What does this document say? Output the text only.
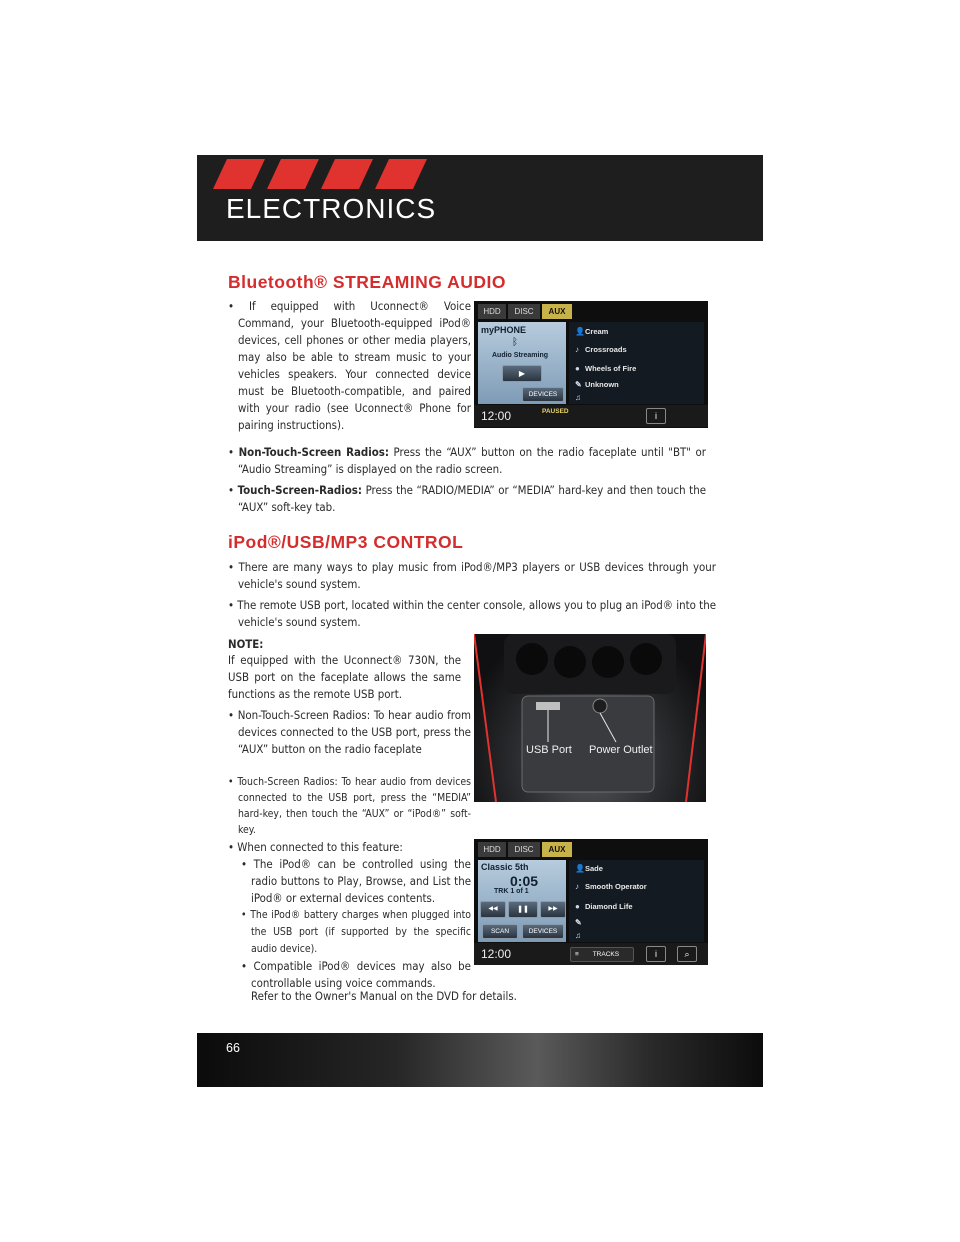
ELECTRONICS
Bluetooth® STREAMING AUDIO
• If equipped with Uconnect® Voice Command, your Bluetooth-equipped iPod® devices, cell phones or other media players, may also be able to stream music to your vehicles speakers. Your connected device must be Bluetooth-compatible, and paired with your radio (see Uconnect® Phone for pairing instructions).
• Non-Touch-Screen Radios: Press the “AUX” button on the radio faceplate until "BT" or “Audio Streaming” is displayed on the radio screen.
• Touch-Screen-Radios: Press the “RADIO/MEDIA” or “MEDIA” hard-key and then touch the “AUX” soft-key tab.
HDD	DISC	AUX
myPHONE
ᛒ
Audio Streaming
▶
DEVICES
👤Cream
♪ Crossroads
● Wheels of Fire
✎ Unknown
♫
12:00	PAUSED	i
iPod®/USB/MP3 CONTROL
• There are many ways to play music from iPod®/MP3 players or USB devices through your vehicle's sound system.
• The remote USB port, located within the center console, allows you to plug an iPod® into the vehicle's sound system.
NOTE:
If equipped with the Uconnect® 730N, the USB port on the faceplate allows the same functions as the remote USB port.
• Non-Touch-Screen Radios: To hear audio from devices connected to the USB port, press the “AUX” button on the radio faceplate
• Touch-Screen Radios: To hear audio from devices connected to the USB port, press the “MEDIA” hard-key, then touch the “AUX” or “iPod®” soft-key.
• When connected to this feature:
• The iPod® can be controlled using the radio buttons to Play, Browse, and List the iPod® or external devices contents.
• The iPod® battery charges when plugged into the USB port (if supported by the specific audio device).
• Compatible iPod® devices may also be controllable using voice commands.
Refer to the Owner's Manual on the DVD for details.
USB Port Power Outlet
HDD	DISC	AUX
Classic 5th
0:05
TRK 1 of 1
◀◀	❚❚	▶▶
SCAN	DEVICES
👤Sade
♪ Smooth Operator
● Diamond Life
✎
♫
12:00	≡ TRACKS	i	⌕
66
